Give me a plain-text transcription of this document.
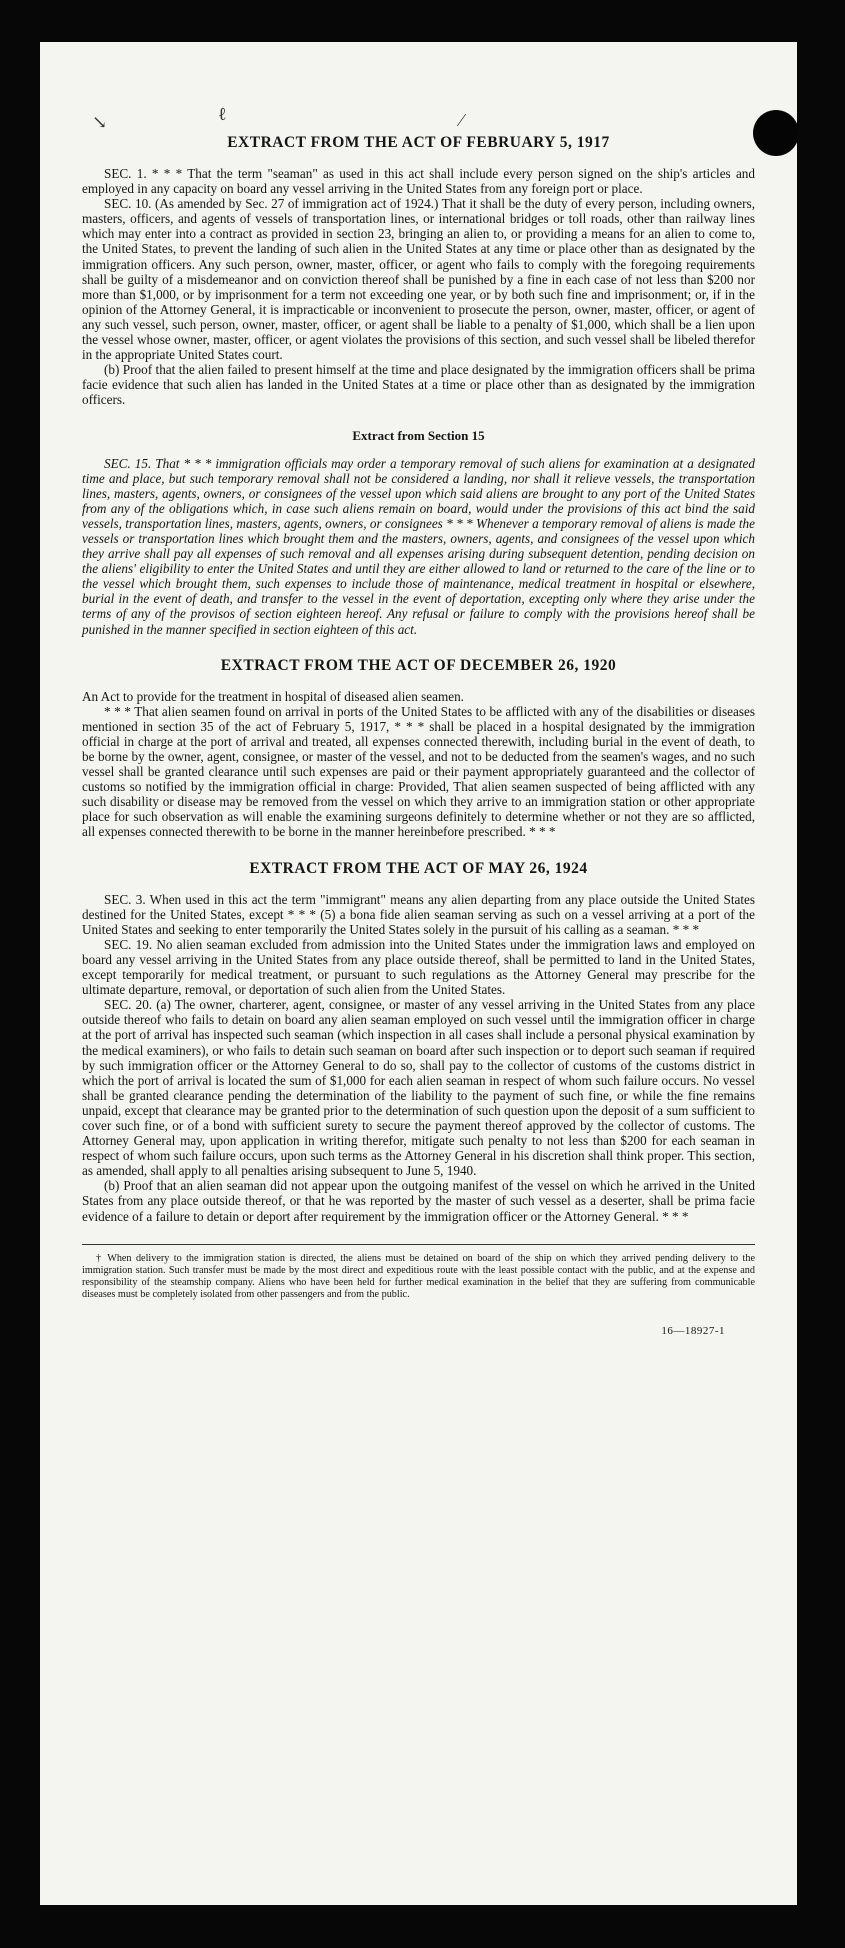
↘	ℓ	⁄
EXTRACT FROM THE ACT OF FEBRUARY 5, 1917

SEC. 1. * * * That the term "seaman" as used in this act shall include every person signed on the ship's articles and employed in any capacity on board any vessel arriving in the United States from any foreign port or place.

SEC. 10. (As amended by Sec. 27 of immigration act of 1924.) That it shall be the duty of every person, including owners, masters, officers, and agents of vessels of transportation lines, or international bridges or toll roads, other than railway lines which may enter into a contract as provided in section 23, bringing an alien to, or providing a means for an alien to come to, the United States, to prevent the landing of such alien in the United States at any time or place other than as designated by the immigration officers. Any such person, owner, master, officer, or agent who fails to comply with the foregoing requirements shall be guilty of a misdemeanor and on conviction thereof shall be punished by a fine in each case of not less than $200 nor more than $1,000, or by imprisonment for a term not exceeding one year, or by both such fine and imprisonment; or, if in the opinion of the Attorney General, it is impracticable or inconvenient to prosecute the person, owner, master, officer, or agent of any such vessel, such person, owner, master, officer, or agent shall be liable to a penalty of $1,000, which shall be a lien upon the vessel whose owner, master, officer, or agent violates the provisions of this section, and such vessel shall be libeled therefor in the appropriate United States court.

(b) Proof that the alien failed to present himself at the time and place designated by the immigration officers shall be prima facie evidence that such alien has landed in the United States at a time or place other than as designated by the immigration officers.

Extract from Section 15

SEC. 15. That * * * immigration officials may order a temporary removal of such aliens for examination at a designated time and place, but such temporary removal shall not be considered a landing, nor shall it relieve vessels, the transportation lines, masters, agents, owners, or consignees of the vessel upon which said aliens are brought to any port of the United States from any of the obligations which, in case such aliens remain on board, would under the provisions of this act bind the said vessels, transportation lines, masters, agents, owners, or consignees * * * Whenever a temporary removal of aliens is made the vessels or transportation lines which brought them and the masters, owners, agents, and consignees of the vessel upon which they arrive shall pay all expenses of such removal and all expenses arising during subsequent detention, pending decision on the aliens' eligibility to enter the United States and until they are either allowed to land or returned to the care of the line or to the vessel which brought them, such expenses to include those of maintenance, medical treatment in hospital or elsewhere, burial in the event of death, and transfer to the vessel in the event of deportation, excepting only where they arise under the terms of any of the provisos of section eighteen hereof. Any refusal or failure to comply with the provisions hereof shall be punished in the manner specified in section eighteen of this act.

EXTRACT FROM THE ACT OF DECEMBER 26, 1920

An Act to provide for the treatment in hospital of diseased alien seamen.

* * * That alien seamen found on arrival in ports of the United States to be afflicted with any of the disabilities or diseases mentioned in section 35 of the act of February 5, 1917, * * * shall be placed in a hospital designated by the immigration official in charge at the port of arrival and treated, all expenses connected therewith, including burial in the event of death, to be borne by the owner, agent, consignee, or master of the vessel, and not to be deducted from the seamen's wages, and no such vessel shall be granted clearance until such expenses are paid or their payment appropriately guaranteed and the collector of customs so notified by the immigration official in charge: Provided, That alien seamen suspected of being afflicted with any such disability or disease may be removed from the vessel on which they arrive to an immigration station or other appropriate place for such observation as will enable the examining surgeons definitely to determine whether or not they are so afflicted, all expenses connected therewith to be borne in the manner hereinbefore prescribed. * * *

EXTRACT FROM THE ACT OF MAY 26, 1924

SEC. 3. When used in this act the term "immigrant" means any alien departing from any place outside the United States destined for the United States, except * * * (5) a bona fide alien seaman serving as such on a vessel arriving at a port of the United States and seeking to enter temporarily the United States solely in the pursuit of his calling as a seaman. * * *

SEC. 19. No alien seaman excluded from admission into the United States under the immigration laws and employed on board any vessel arriving in the United States from any place outside thereof, shall be permitted to land in the United States, except temporarily for medical treatment, or pursuant to such regulations as the Attorney General may prescribe for the ultimate departure, removal, or deportation of such alien from the United States.

SEC. 20. (a) The owner, charterer, agent, consignee, or master of any vessel arriving in the United States from any place outside thereof who fails to detain on board any alien seaman employed on such vessel until the immigration officer in charge at the port of arrival has inspected such seaman (which inspection in all cases shall include a personal physical examination by the medical examiners), or who fails to detain such seaman on board after such inspection or to deport such seaman if required by such immigration officer or the Attorney General to do so, shall pay to the collector of customs of the customs district in which the port of arrival is located the sum of $1,000 for each alien seaman in respect of whom such failure occurs. No vessel shall be granted clearance pending the determination of the liability to the payment of such fine, or while the fine remains unpaid, except that clearance may be granted prior to the determination of such question upon the deposit of a sum sufficient to cover such fine, or of a bond with sufficient surety to secure the payment thereof approved by the collector of customs. The Attorney General may, upon application in writing therefor, mitigate such penalty to not less than $200 for each seaman in respect of whom such failure occurs, upon such terms as the Attorney General in his discretion shall think proper. This section, as amended, shall apply to all penalties arising subsequent to June 5, 1940.

(b) Proof that an alien seaman did not appear upon the outgoing manifest of the vessel on which he arrived in the United States from any place outside thereof, or that he was reported by the master of such vessel as a deserter, shall be prima facie evidence of a failure to detain or deport after requirement by the immigration officer or the Attorney General. * * *

† When delivery to the immigration station is directed, the aliens must be detained on board of the ship on which they arrived pending delivery to the immigration station. Such transfer must be made by the most direct and expeditious route with the least possible contact with the public, and at the expense and responsibility of the steamship company. Aliens who have been held for further medical examination in the belief that they are suffering from communicable diseases must be completely isolated from other passengers and from the public.

16—18927-1
